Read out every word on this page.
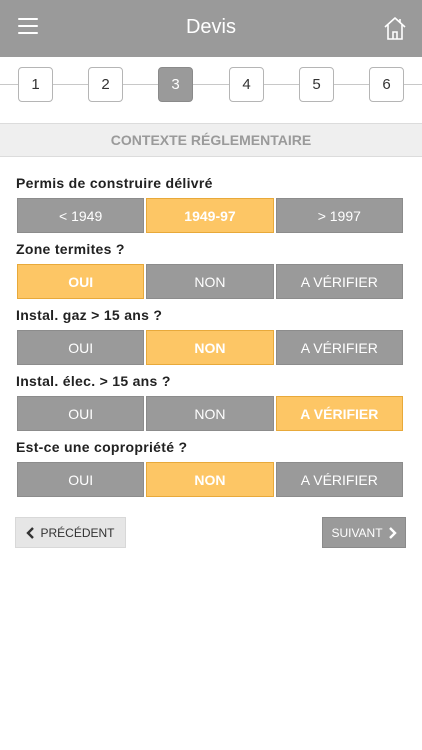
Devis
1	2	3	4	5	6
CONTEXTE RÉGLEMENTAIRE
Permis de construire délivré
< 1949	1949-97	> 1997
Zone termites ?
OUI	NON	A VÉRIFIER
Instal. gaz > 15 ans ?
OUI	NON	A VÉRIFIER
Instal. élec. > 15 ans ?
OUI	NON	A VÉRIFIER
Est-ce une copropriété ?
OUI	NON	A VÉRIFIER
PRÉCÉDENT	SUIVANT
